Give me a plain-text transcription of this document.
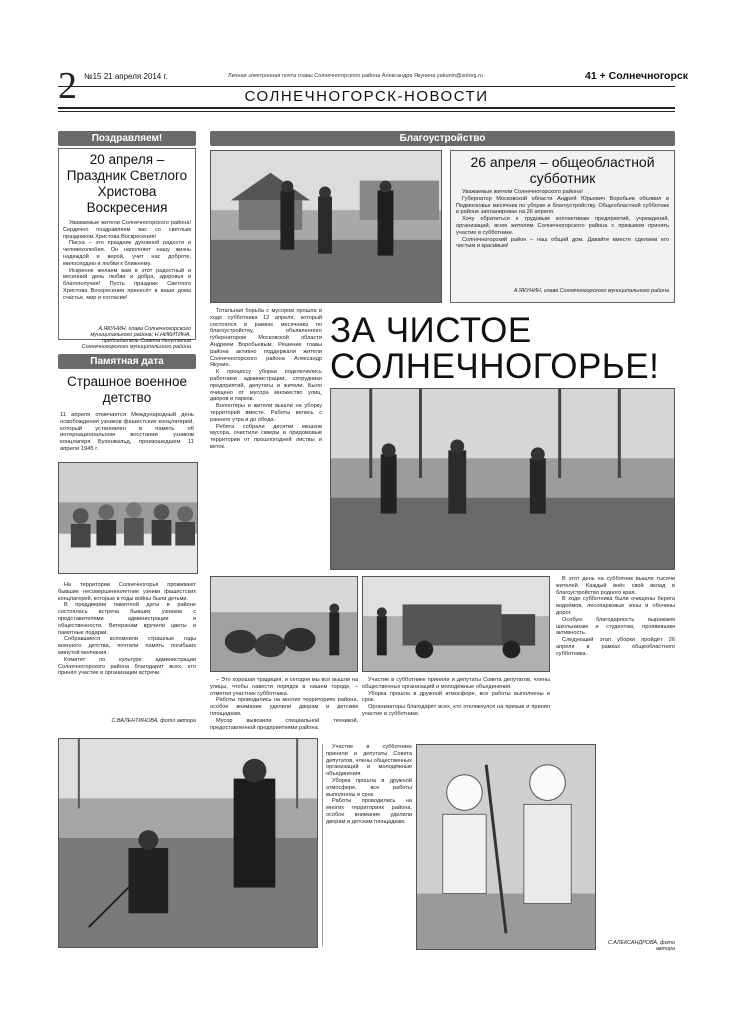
2 №15 21 апреля 2014 г.	Личная электронная почта главы Солнечногорского района Александра Якунина yakunin@solreg.ru	41 + Солнечногорск
СОЛНЕЧНОГОРСК-НОВОСТИ
Поздравляем!
20 апреля – Праздник Светлого Христова Воскресения

Уважаемые жители Солнечногорского района! Сердечно поздравляем вас со светлым праздником Христова Воскресения!

Пасха – это праздник духовной радости и человеколюбия. Он наполняет нашу жизнь надеждой и верой, учит нас доброте, милосердию и любви к ближнему.

Искренне желаем вам в этот радостный и весенний день любви и добра, здоровья и благополучия! Пусть праздник Светлого Христова Воскресения принесёт в ваши дома счастье, мир и согласие!

А.ЯКУНИН, глава Солнечногорского муниципального района; Н.НИКИТИНА, председатель Совета депутатов Солнечногорского муниципального района
Памятная дата
Страшное военное детство
11 апреля отмечается Международный день освобождения узников фашистских концлагерей, который установлен в память об интернациональном восстании узников концлагеря Бухенвальд, произошедшем 11 апреля 1945 г.

На территории Солнечногорья проживают бывшие несовершеннолетние узники фашистских концлагерей, которые в годы войны были детьми.

В преддверии памятной даты в районе состоялась встреча бывших узников с представителями администрации и общественности. Ветеранам вручили цветы и памятные подарки.

Собравшиеся вспомнили страшные годы военного детства, почтили память погибших минутой молчания.

Комитет по культуре администрации Солнечногорского района благодарит всех, кто принял участие в организации встречи.

С.ВАЛЕНТИНОВА, фото автора
Благоустройство
26 апреля – общеобластной субботник

Уважаемые жители Солнечногорского района!

Губернатор Московской области Андрей Юрьевич Воробьев объявил в Подмосковье месячник по уборке и благоустройству. Общеобластной субботник в районе запланирован на 26 апреля.

Хочу обратиться к трудовым коллективам предприятий, учреждений, организаций, всем жителям Солнечногорского района с призывом принять участие в субботнике.

Солнечногорский район – наш общий дом. Давайте вместе сделаем его чистым и красивым!

А.ЯКУНИН, глава Солнечногорского муниципального района

Тотальная борьба с мусором прошла в ходе субботника 12 апреля, который состоялся в рамках месячника по благоустройству, объявленного губернатором Московской области Андреем Воробьевым. Решение главы района активно поддержали жители Солнечногорского района Александр Якунин.

К процессу уборки подключились работники администрации, сотрудники предприятий, депутаты и жители. Было очищено от мусора множество улиц, дворов и парков.

Волонтёры и жители вышли на уборку территорий вместе. Работы велись с раннего утра и до обеда.

Ребята собрали десятки мешков мусора, очистили скверы и придомовые территории от прошлогодней листвы и веток.

ЗА ЧИСТОЕ СОЛНЕЧНОГОРЬЕ!

В этот день на субботник вышли тысячи жителей. Каждый внёс свой вклад в благоустройство родного края.

В ходе субботника были очищены берега водоёмов, лесопарковые зоны и обочины дорог.

Особую благодарность выражаем школьникам и студентам, проявившим активность.

Следующий этап уборки пройдёт 26 апреля в рамках общеобластного субботника.

– Это хорошая традиция, и сегодня мы все вышли на улицы, чтобы навести порядок в нашем городе, – отметил участник субботника.

Работы проводились на многих территориях района, особое внимание уделили дворам и детским площадкам.

Мусор вывозили специальной техникой, предоставленной предприятиями района.

Участие в субботнике приняли и депутаты Совета депутатов, члены общественных организаций и молодёжные объединения.

Уборка прошла в дружной атмосфере, все работы выполнены в срок.

Организаторы благодарят всех, кто откликнулся на призыв и принял участие в субботнике.

Участие в субботнике приняли и депутаты Совета депутатов, члены общественных организаций и молодёжные объединения.

Уборка прошла в дружной атмосфере, все работы выполнены в срок.

Работы проводились на многих территориях района, особое внимание уделили дворам и детским площадкам.

С.АЛЕКСАНДРОВА, фото автора
